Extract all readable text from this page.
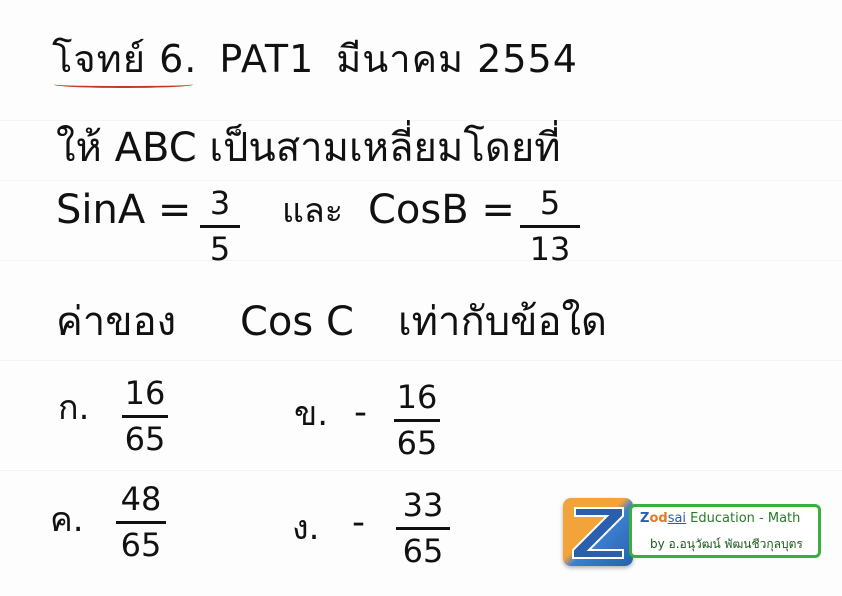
โจทย์ 6. PAT1 มีนาคม 2554
ให้ ABC เป็นสามเหลี่ยมโดยที่
SinA = 3
5
และ CosB = 5
13
ค่าของ Cos C เท่ากับข้อใด
ก. 16
65
ข. - 16
65
ค.
48
65	ง. - 33
65
Zodsai Education - Math
by อ.อนุวัฒน์ พัฒนชีวกุลบุตร
